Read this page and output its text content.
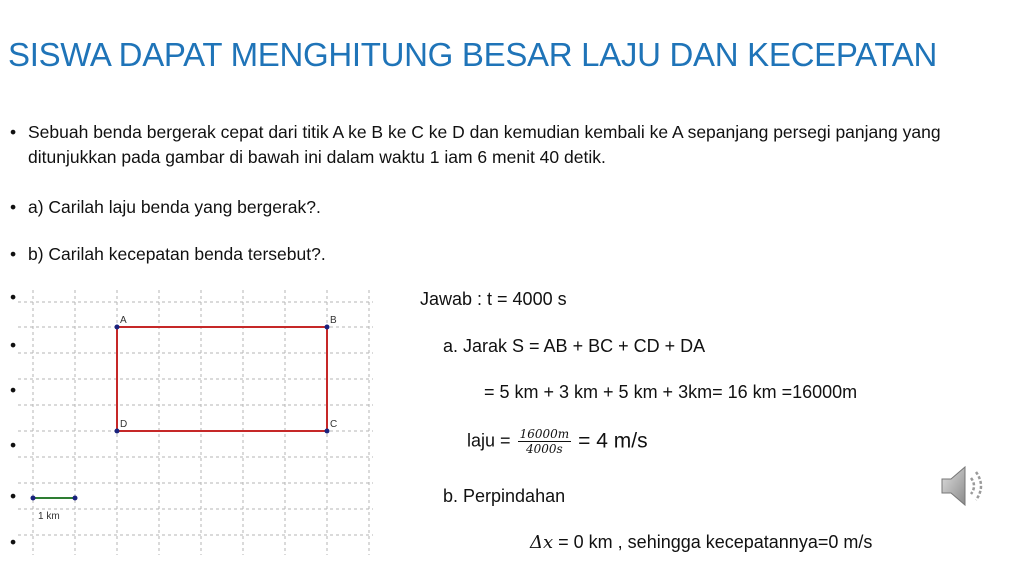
SISWA DAPAT MENGHITUNG BESAR LAJU DAN KECEPATAN
• Sebuah benda bergerak cepat dari titik A ke B ke C ke D dan kemudian kembali ke A sepanjang persegi panjang yang ditunjukkan pada gambar di bawah ini dalam waktu 1 iam 6 menit 40 detik.
• a) Carilah laju benda yang bergerak?.
• b) Carilah kecepatan benda tersebut?.
•
•
•
•
•
•
A	B
C
D
1 km
Jawab : t = 4000 s
a. Jarak S = AB + BC + CD + DA
= 5 km + 3 km + 5 km + 3km= 16 km =16000m
laju = $\frac{16000m}{4000s} = 4$ m/s
b. Perpindahan
Δx = 0 km , sehingga kecepatannya=0 m/s
